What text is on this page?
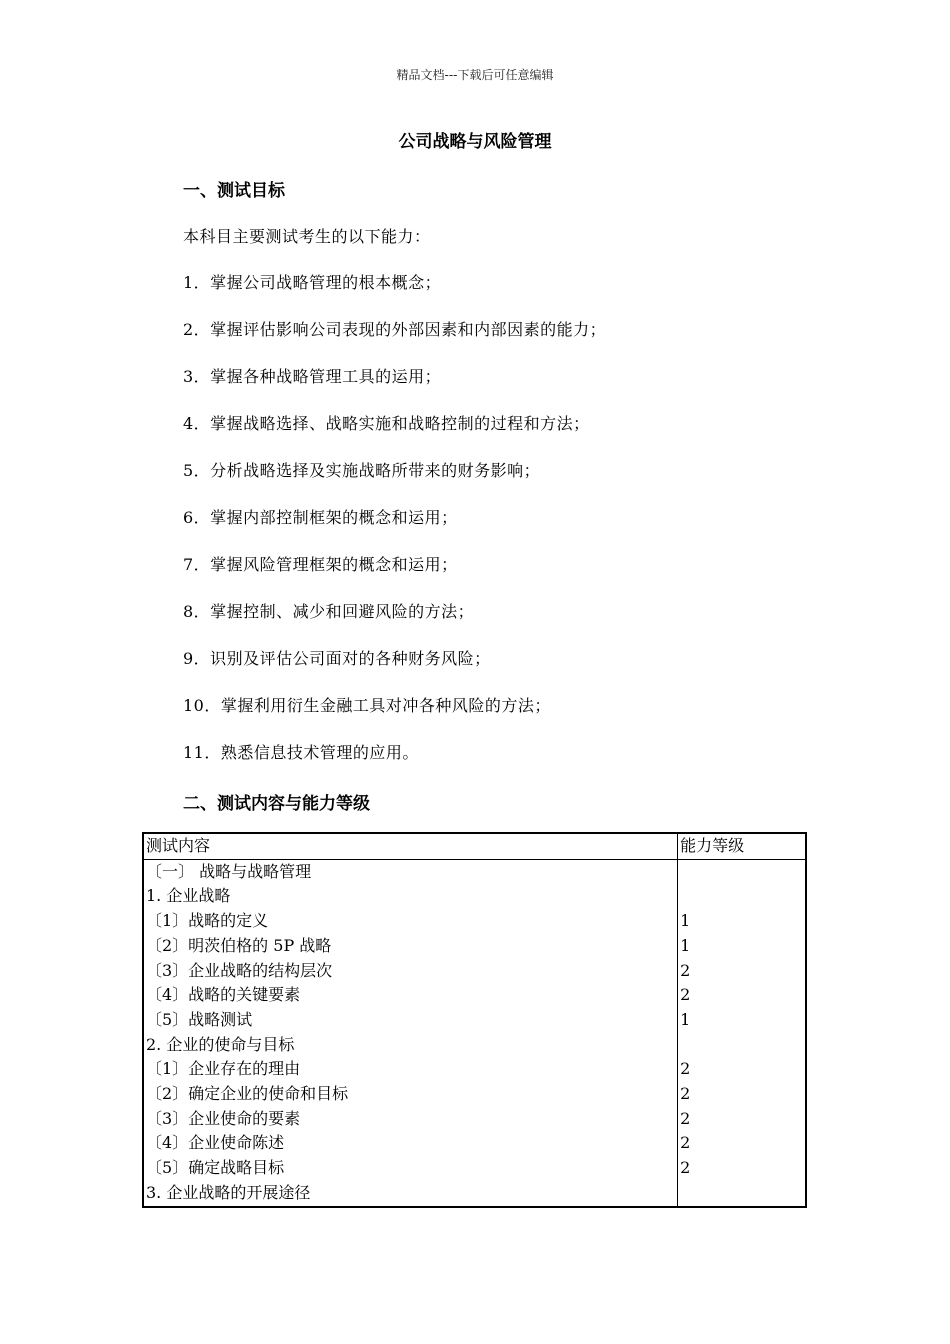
精品文档---下载后可任意编辑
公司战略与风险管理
一、测试目标
本科目主要测试考生的以下能力：
1．掌握公司战略管理的根本概念；
2．掌握评估影响公司表现的外部因素和内部因素的能力；
3．掌握各种战略管理工具的运用；
4．掌握战略选择、战略实施和战略控制的过程和方法；
5．分析战略选择及实施战略所带来的财务影响；
6．掌握内部控制框架的概念和运用；
7．掌握风险管理框架的概念和运用；
8．掌握控制、减少和回避风险的方法；
9．识别及评估公司面对的各种财务风险；
10．掌握利用衍生金融工具对冲各种风险的方法；
11．熟悉信息技术管理的应用。
二、测试内容与能力等级
测试内容	能力等级
〔一〕 战略与战略管理	
1. 企业战略	
〔1〕战略的定义	1
〔2〕明茨伯格的 5P 战略	1
〔3〕企业战略的结构层次	2
〔4〕战略的关键要素	2
〔5〕战略测试	1
2. 企业的使命与目标	
〔1〕企业存在的理由	2
〔2〕确定企业的使命和目标	2
〔3〕企业使命的要素	2
〔4〕企业使命陈述	2
〔5〕确定战略目标	2
3. 企业战略的开展途径	
